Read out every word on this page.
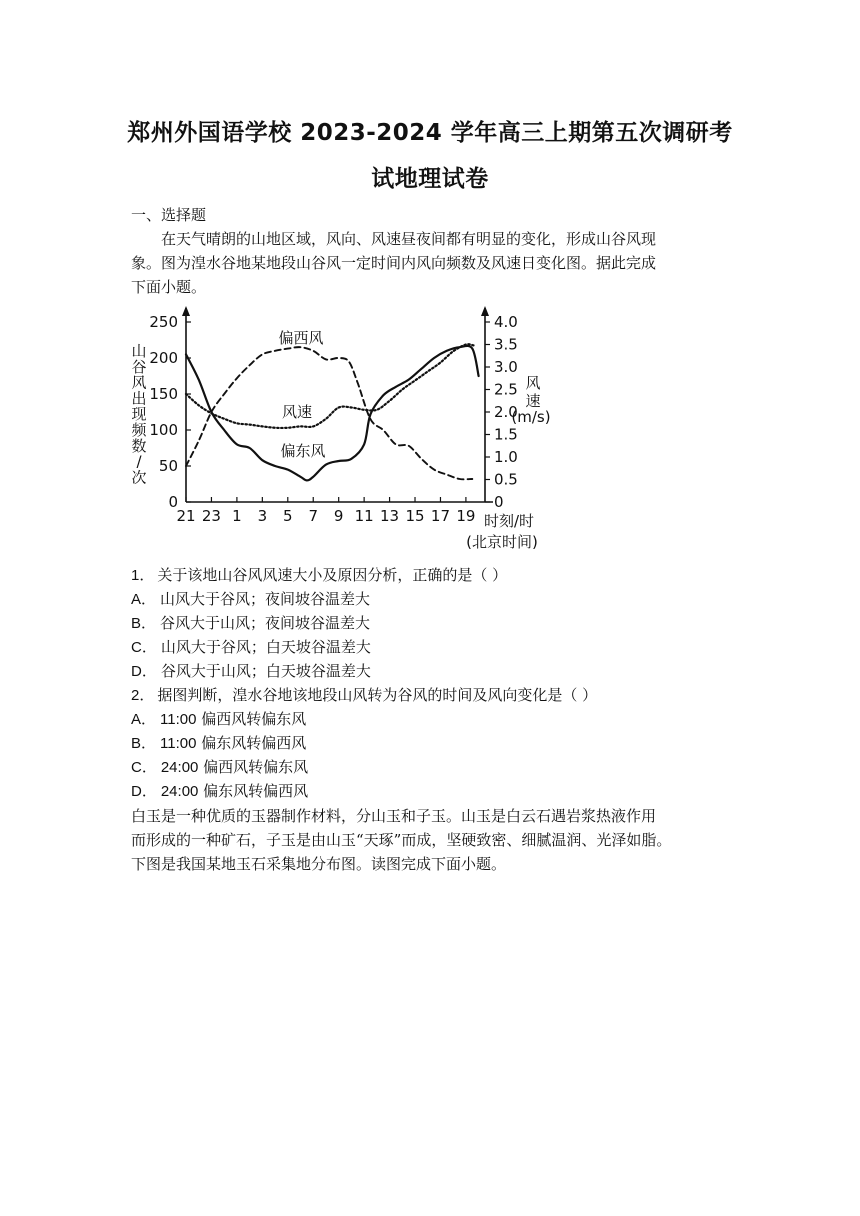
郑州外国语学校 2023-2024 学年高三上期第五次调研考
试地理试卷
一、选择题
在天气晴朗的山地区域，风向、风速昼夜间都有明显的变化，形成山谷风现
象。图为湟水谷地某地段山谷风一定时间内风向频数及风速日变化图。据此完成
下面小题。
0
50
100
150
200
250
0
0.5
1.0
1.5
2.0
2.5
3.0
3.5
4.0
21 23 1 3 5 7 9 11 13 15 17 19
山
谷
风
出
现
频
数
/
次
风
速
(m/s)
时刻/时
(北京时间)
偏西风
偏东风
风速
1． 关于该地山谷风风速大小及原因分析，正确的是（ ）
A． 山风大于谷风；夜间坡谷温差大
B． 谷风大于山风；夜间坡谷温差大
C． 山风大于谷风；白天坡谷温差大
D． 谷风大于山风；白天坡谷温差大
2． 据图判断，湟水谷地该地段山风转为谷风的时间及风向变化是（ ）
A． 11:00 偏西风转偏东风
B． 11:00 偏东风转偏西风
C． 24:00 偏西风转偏东风
D． 24:00 偏东风转偏西风
白玉是一种优质的玉器制作材料，分山玉和子玉。山玉是白云石遇岩浆热液作用
而形成的一种矿石，子玉是由山玉“天琢”而成，坚硬致密、细腻温润、光泽如脂。
下图是我国某地玉石采集地分布图。读图完成下面小题。
